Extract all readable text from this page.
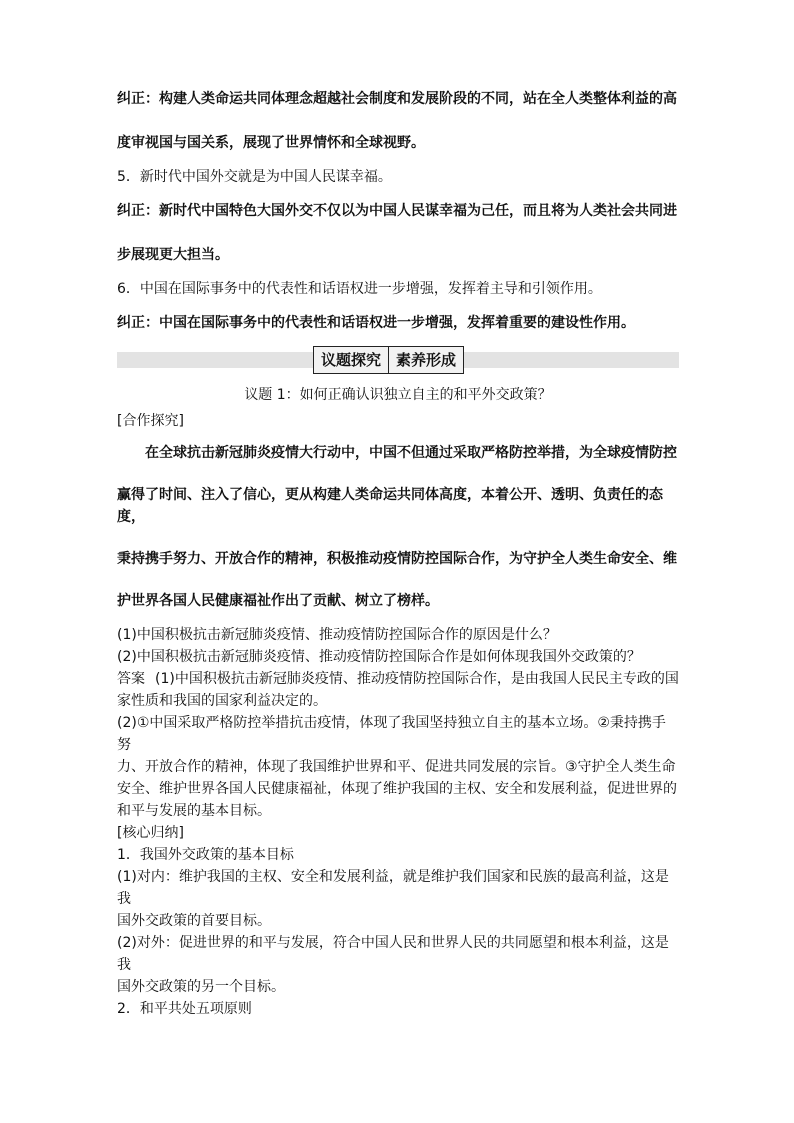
纠正：构建人类命运共同体理念超越社会制度和发展阶段的不同，站在全人类整体利益的高

度审视国与国关系，展现了世界情怀和全球视野。

5．新时代中国外交就是为中国人民谋幸福。

纠正：新时代中国特色大国外交不仅以为中国人民谋幸福为己任，而且将为人类社会共同进

步展现更大担当。

6．中国在国际事务中的代表性和话语权进一步增强，发挥着主导和引领作用。

纠正：中国在国际事务中的代表性和话语权进一步增强，发挥着重要的建设性作用。

议题探究	素养形成

议题 1：如何正确认识独立自主的和平外交政策？

[合作探究]

在全球抗击新冠肺炎疫情大行动中，中国不但通过采取严格防控举措，为全球疫情防控

赢得了时间、注入了信心，更从构建人类命运共同体高度，本着公开、透明、负责任的态度，

秉持携手努力、开放合作的精神，积极推动疫情防控国际合作，为守护全人类生命安全、维

护世界各国人民健康福祉作出了贡献、树立了榜样。

(1)中国积极抗击新冠肺炎疫情、推动疫情防控国际合作的原因是什么？

(2)中国积极抗击新冠肺炎疫情、推动疫情防控国际合作是如何体现我国外交政策的？

答案 (1)中国积极抗击新冠肺炎疫情、推动疫情防控国际合作，是由我国人民民主专政的国

家性质和我国的国家利益决定的。

(2)①中国采取严格防控举措抗击疫情，体现了我国坚持独立自主的基本立场。②秉持携手努

力、开放合作的精神，体现了我国维护世界和平、促进共同发展的宗旨。③守护全人类生命

安全、维护世界各国人民健康福祉，体现了维护我国的主权、安全和发展利益，促进世界的

和平与发展的基本目标。

[核心归纳]

1．我国外交政策的基本目标

(1)对内：维护我国的主权、安全和发展利益，就是维护我们国家和民族的最高利益，这是我

国外交政策的首要目标。

(2)对外：促进世界的和平与发展，符合中国人民和世界人民的共同愿望和根本利益，这是我

国外交政策的另一个目标。

2．和平共处五项原则
